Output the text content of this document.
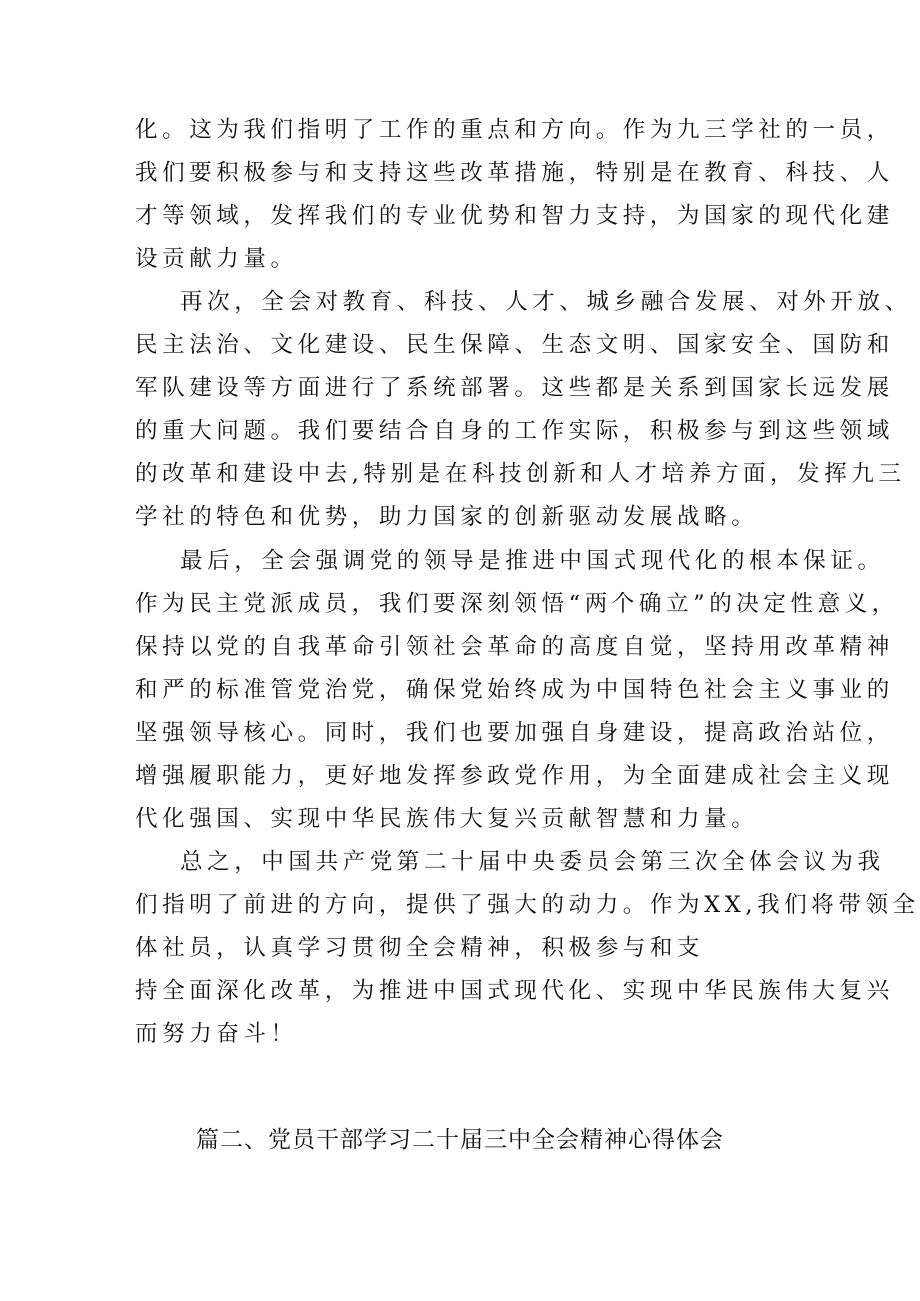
化。这为我们指明了工作的重点和方向。作为九三学社的一员，

我们要积极参与和支持这些改革措施，特别是在教育、科技、人

才等领域，发挥我们的专业优势和智力支持，为国家的现代化建

设贡献力量。

再次，全会对教育、科技、人才、城乡融合发展、对外开放、

民主法治、文化建设、民生保障、生态文明、国家安全、国防和

军队建设等方面进行了系统部署。这些都是关系到国家长远发展

的重大问题。我们要结合自身的工作实际，积极参与到这些领域

的改革和建设中去,特别是在科技创新和人才培养方面，发挥九三

学社的特色和优势，助力国家的创新驱动发展战略。

最后，全会强调党的领导是推进中国式现代化的根本保证。

作为民主党派成员，我们要深刻领悟“两个确立”的决定性意义，

保持以党的自我革命引领社会革命的高度自觉，坚持用改革精神

和严的标准管党治党，确保党始终成为中国特色社会主义事业的

坚强领导核心。同时，我们也要加强自身建设，提高政治站位，

增强履职能力，更好地发挥参政党作用，为全面建成社会主义现

代化强国、实现中华民族伟大复兴贡献智慧和力量。

总之，中国共产党第二十届中央委员会第三次全体会议为我

们指明了前进的方向，提供了强大的动力。作为XX,我们将带领全

体社员，认真学习贯彻全会精神，积极参与和支

持全面深化改革，为推进中国式现代化、实现中华民族伟大复兴

而努力奋斗！

篇二、党员干部学习二十届三中全会精神心得体会
